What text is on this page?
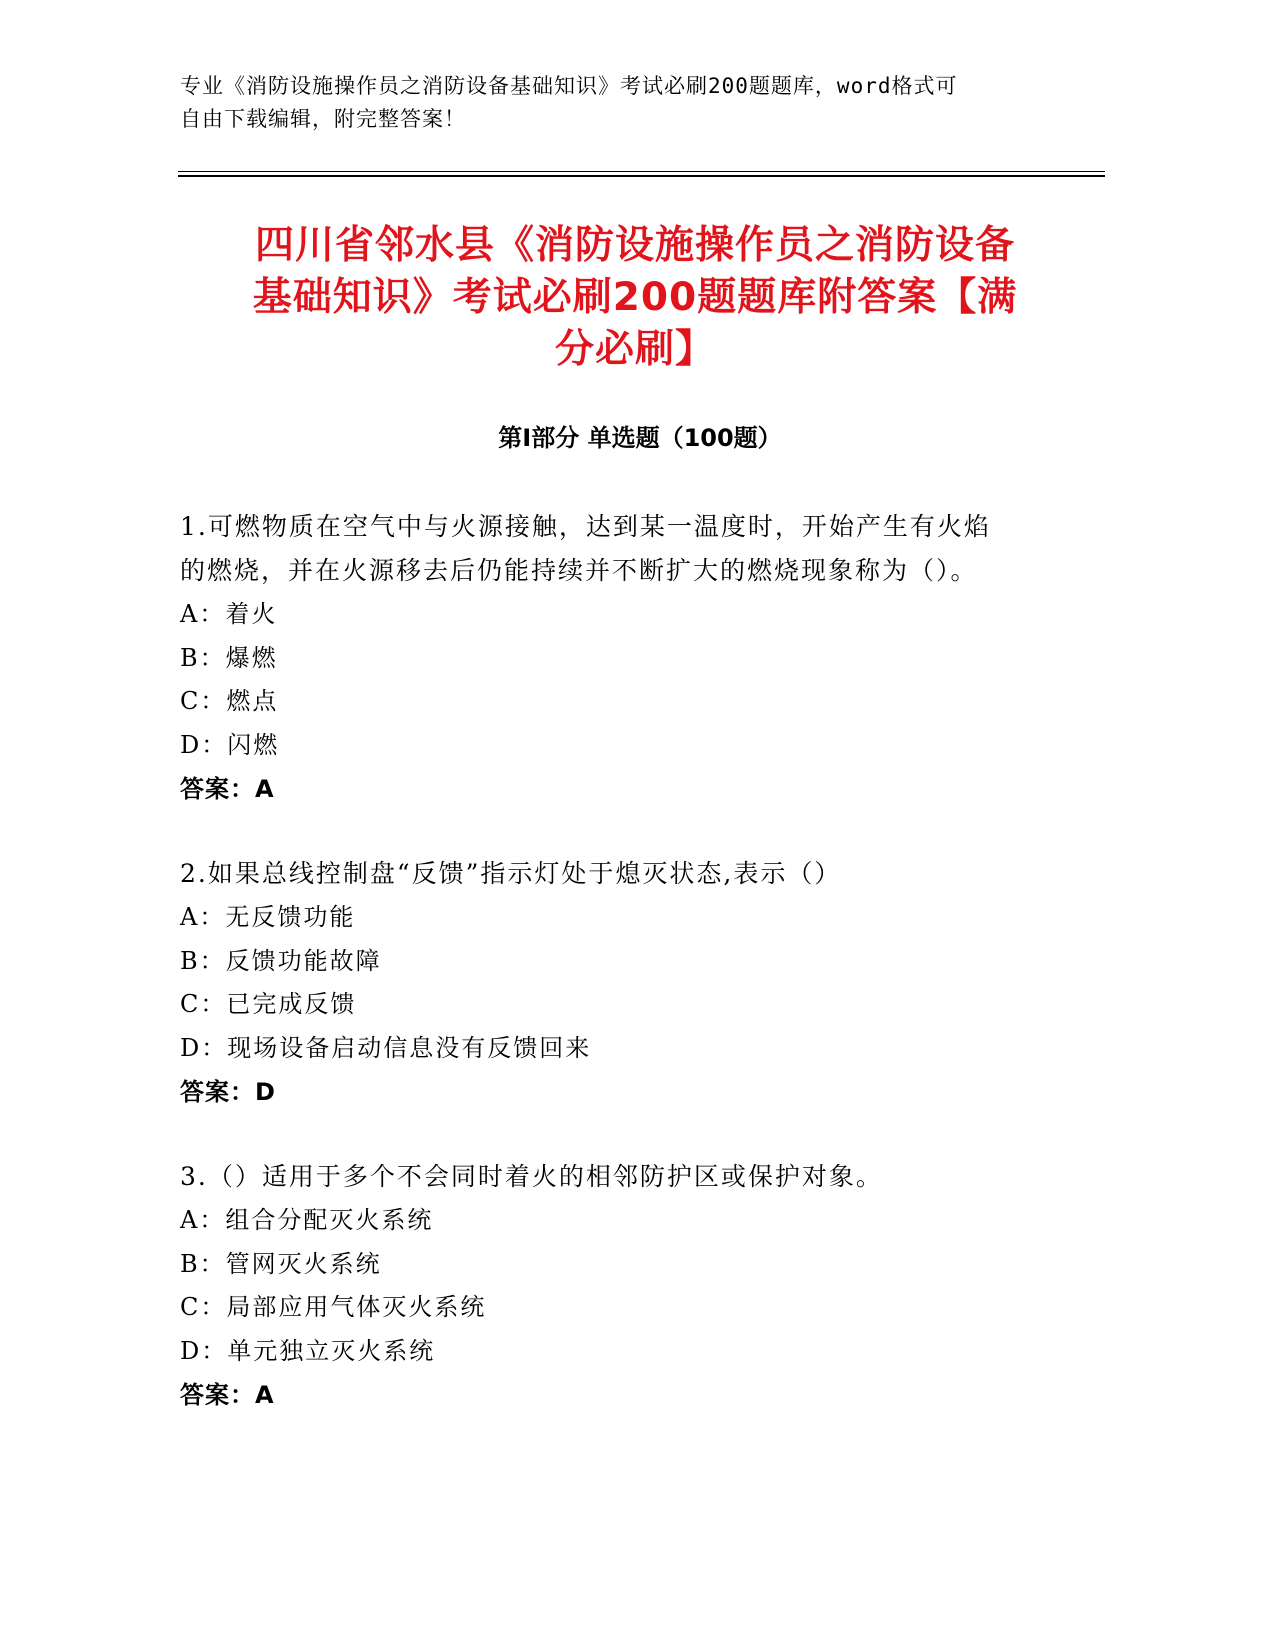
专业《消防设施操作员之消防设备基础知识》考试必刷200题题库，word格式可
自由下载编辑，附完整答案！
四川省邻水县《消防设施操作员之消防设备
基础知识》考试必刷200题题库附答案【满
分必刷】
第Ⅰ部分 单选题（100题）
1.可燃物质在空气中与火源接触，达到某一温度时，开始产生有火焰
的燃烧，并在火源移去后仍能持续并不断扩大的燃烧现象称为（）。
A：着火
B：爆燃
C：燃点
D：闪燃
答案：A
2.如果总线控制盘“反馈”指示灯处于熄灭状态,表示（）
A：无反馈功能
B：反馈功能故障
C：已完成反馈
D：现场设备启动信息没有反馈回来
答案：D
3.（）适用于多个不会同时着火的相邻防护区或保护对象。
A：组合分配灭火系统
B：管网灭火系统
C：局部应用气体灭火系统
D：单元独立灭火系统
答案：A
